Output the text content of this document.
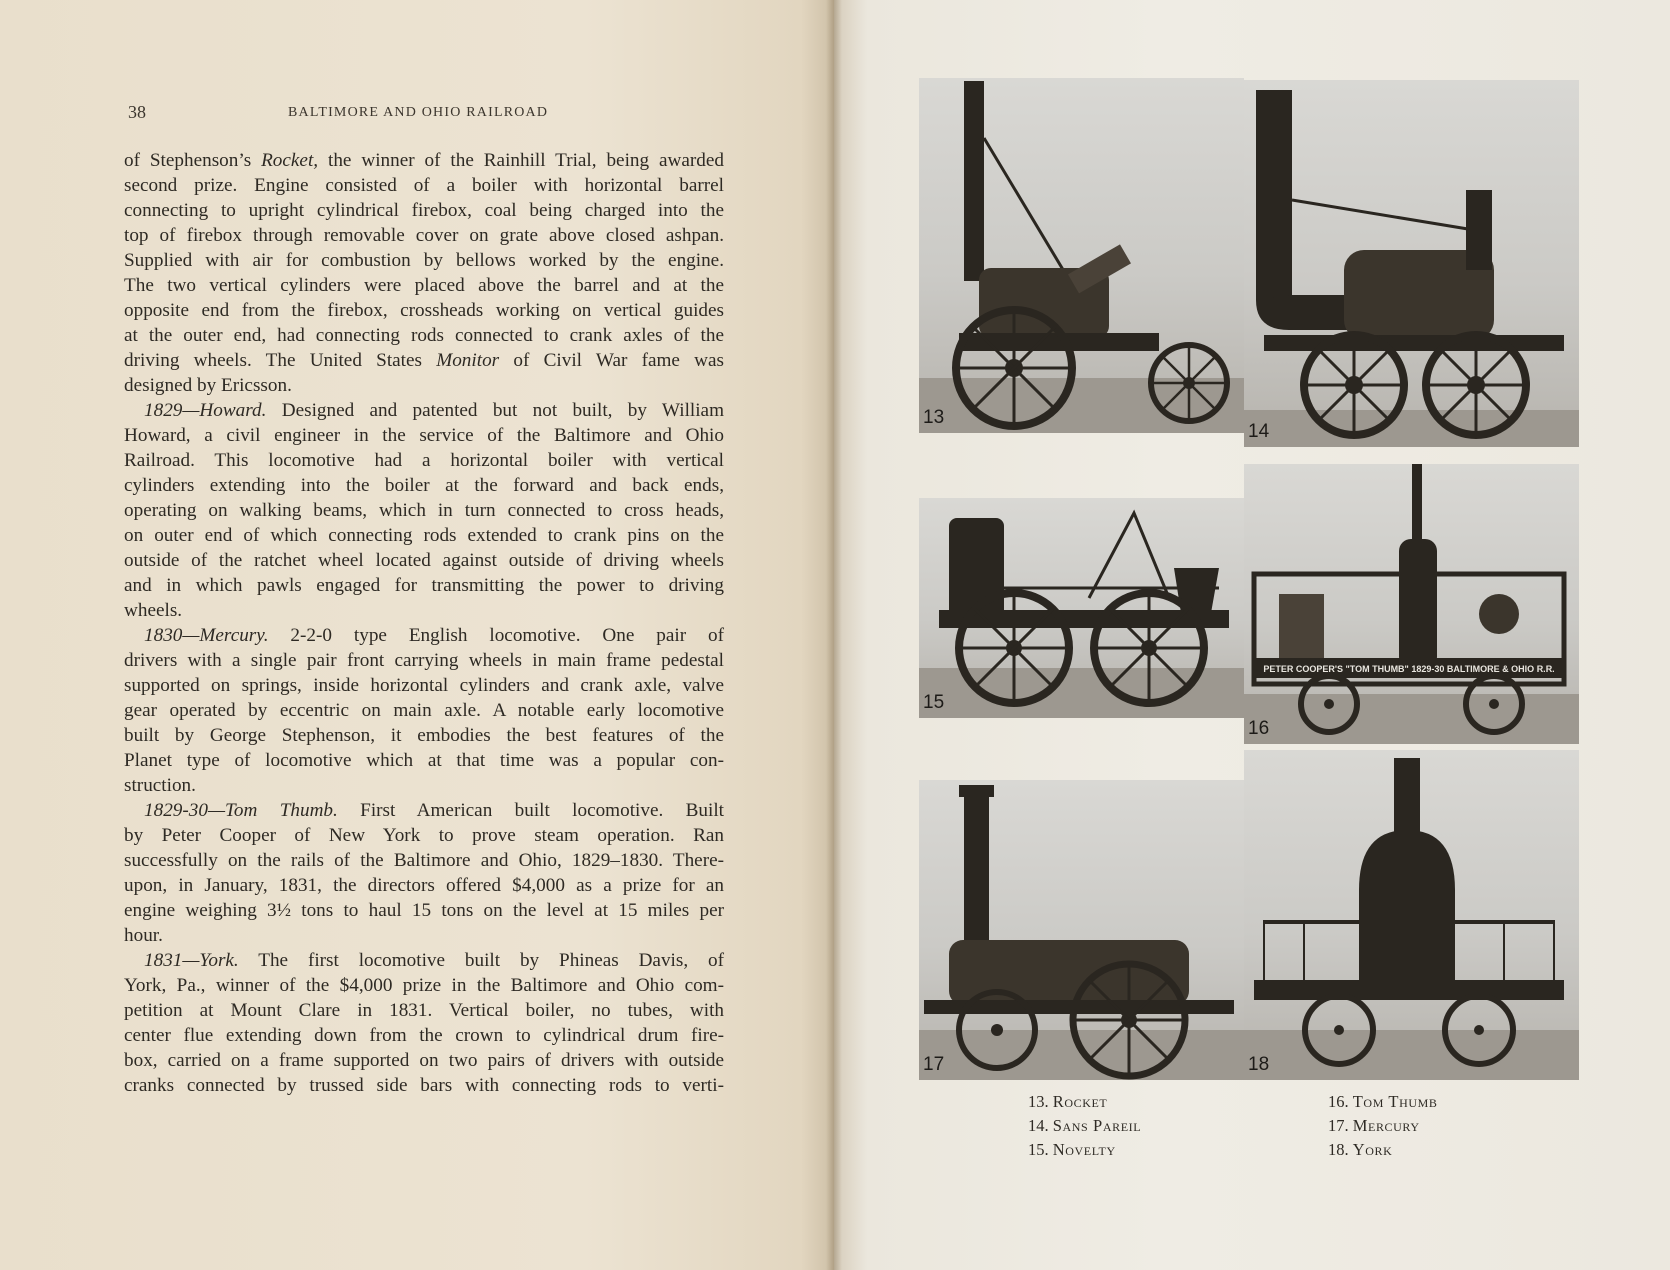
38	BALTIMORE AND OHIO RAILROAD
of Stephenson’s Rocket, the winner of the Rainhill Trial, being awarded
second prize. Engine consisted of a boiler with horizontal barrel
connecting to upright cylindrical firebox, coal being charged into the
top of firebox through removable cover on grate above closed ashpan.
Supplied with air for combustion by bellows worked by the engine.
The two vertical cylinders were placed above the barrel and at the
opposite end from the firebox, crossheads working on vertical guides
at the outer end, had connecting rods connected to crank axles of the
driving wheels. The United States Monitor of Civil War fame was
designed by Ericsson.
1829—Howard. Designed and patented but not built, by William
Howard, a civil engineer in the service of the Baltimore and Ohio
Railroad. This locomotive had a horizontal boiler with vertical
cylinders extending into the boiler at the forward and back ends,
operating on walking beams, which in turn connected to cross heads,
on outer end of which connecting rods extended to crank pins on the
outside of the ratchet wheel located against outside of driving wheels
and in which pawls engaged for transmitting the power to driving
wheels.
1830—Mercury. 2-2-0 type English locomotive. One pair of
drivers with a single pair front carrying wheels in main frame pedestal
supported on springs, inside horizontal cylinders and crank axle, valve
gear operated by eccentric on main axle. A notable early locomotive
built by George Stephenson, it embodies the best features of the
Planet type of locomotive which at that time was a popular con-
struction.
1829-30—Tom Thumb. First American built locomotive. Built
by Peter Cooper of New York to prove steam operation. Ran
successfully on the rails of the Baltimore and Ohio, 1829–1830. There-
upon, in January, 1831, the directors offered $4,000 as a prize for an
engine weighing 3½ tons to haul 15 tons on the level at 15 miles per
hour.
1831—York. The first locomotive built by Phineas Davis, of
York, Pa., winner of the $4,000 prize in the Baltimore and Ohio com-
petition at Mount Clare in 1831. Vertical boiler, no tubes, with
center flue extending down from the crown to cylindrical drum fire-
box, carried on a frame supported on two pairs of drivers with outside
cranks connected by trussed side bars with connecting rods to verti-
13
14
15
PETER COOPER'S "TOM THUMB" 1829-30 BALTIMORE & OHIO R.R.
16
17	18
13. Rocket
14. Sans Pareil
15. Novelty
16. Tom Thumb
17. Mercury
18. York
